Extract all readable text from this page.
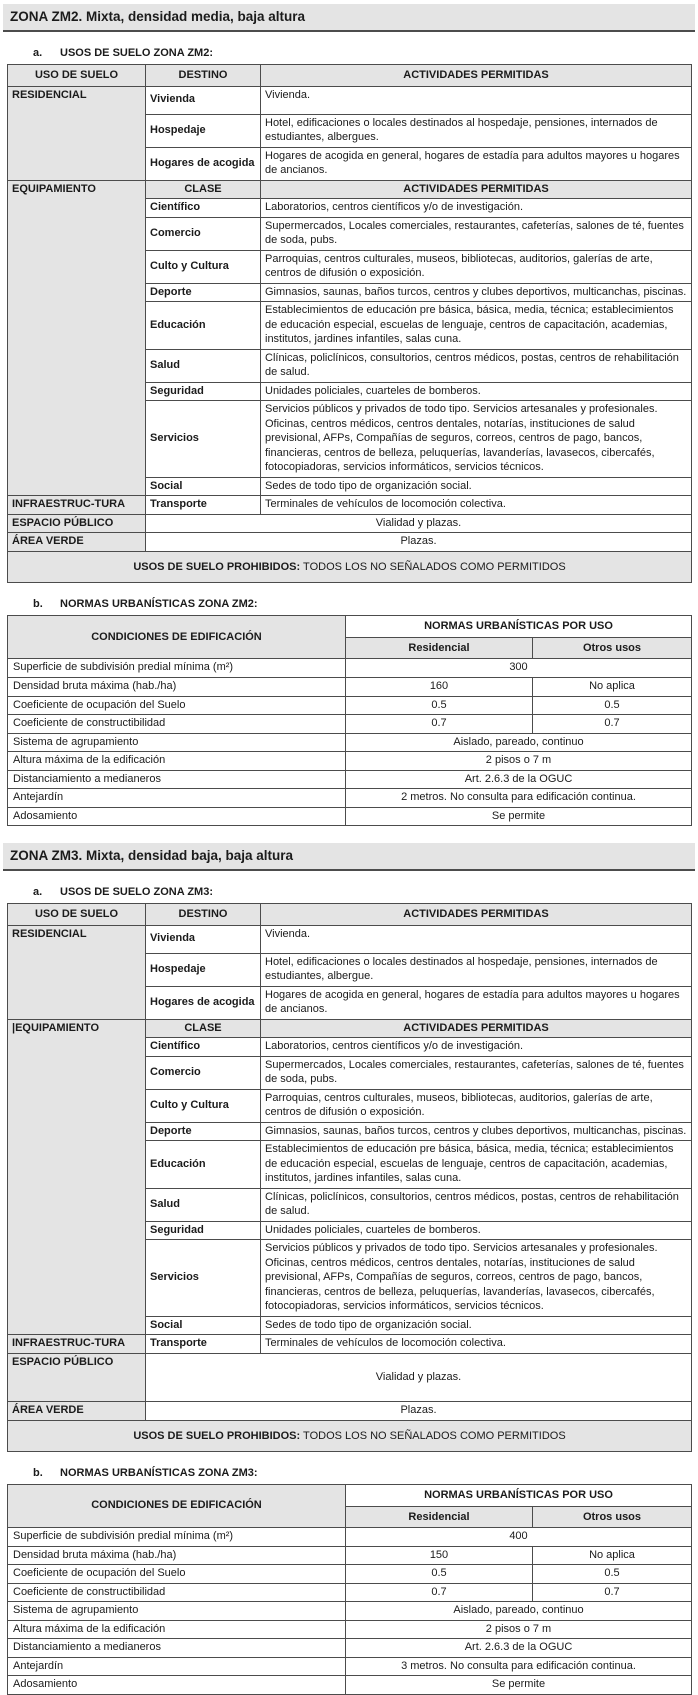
ZONA ZM2. Mixta, densidad media, baja altura
a. USOS DE SUELO ZONA ZM2:
USO DE SUELO	DESTINO	ACTIVIDADES PERMITIDAS
RESIDENCIAL	Vivienda	Vivienda.
	Hospedaje	Hotel, edificaciones o locales destinados al hospedaje, pensiones, internados de estudiantes, albergues.
	Hogares de acogida	Hogares de acogida en general, hogares de estadía para adultos mayores u hogares de ancianos.
EQUIPAMIENTO	CLASE	ACTIVIDADES PERMITIDAS
	Científico	Laboratorios, centros científicos y/o de investigación.
	Comercio	Supermercados, Locales comerciales, restaurantes, cafeterías, salones de té, fuentes de soda, pubs.
	Culto y Cultura	Parroquias, centros culturales, museos, bibliotecas, auditorios, galerías de arte, centros de difusión o exposición.
	Deporte	Gimnasios, saunas, baños turcos, centros y clubes deportivos, multicanchas, piscinas.
	Educación	Establecimientos de educación pre básica, básica, media, técnica; establecimientos de educación especial, escuelas de lenguaje, centros de capacitación, academias, institutos, jardines infantiles, salas cuna.
	Salud	Clínicas, policlínicos, consultorios, centros médicos, postas, centros de rehabilitación de salud.
	Seguridad	Unidades policiales, cuarteles de bomberos.
	Servicios	Servicios públicos y privados de todo tipo. Servicios artesanales y profesionales. Oficinas, centros médicos, centros dentales, notarías, instituciones de salud previsional, AFPs, Compañías de seguros, correos, centros de pago, bancos, financieras, centros de belleza, peluquerías, lavanderías, lavasecos, cibercafés, fotocopiadoras, servicios informáticos, servicios técnicos.
	Social	Sedes de todo tipo de organización social.
INFRAESTRUC-TURA	Transporte	Terminales de vehículos de locomoción colectiva.
ESPACIO PÚBLICO	Vialidad y plazas.	
ÁREA VERDE	Plazas.	
USOS DE SUELO PROHIBIDOS: TODOS LOS NO SEÑALADOS COMO PERMITIDOS		
b. NORMAS URBANÍSTICAS ZONA ZM2:
CONDICIONES DE EDIFICACIÓN	NORMAS URBANÍSTICAS POR USO	
	Residencial	Otros usos
Superficie de subdivisión predial mínima (m²)	300	
Densidad bruta máxima (hab./ha)	160	No aplica
Coeficiente de ocupación del Suelo	0.5	0.5
Coeficiente de constructibilidad	0.7	0.7
Sistema de agrupamiento	Aislado, pareado, continuo	
Altura máxima de la edificación	2 pisos o 7 m	
Distanciamiento a medianeros	Art. 2.6.3 de la OGUC	
Antejardín	2 metros. No consulta para edificación continua.	
Adosamiento	Se permite	
ZONA ZM3. Mixta, densidad baja, baja altura
a. USOS DE SUELO ZONA ZM3:
USO DE SUELO	DESTINO	ACTIVIDADES PERMITIDAS
RESIDENCIAL	Vivienda	Vivienda.
	Hospedaje	Hotel, edificaciones o locales destinados al hospedaje, pensiones, internados de estudiantes, albergue.
	Hogares de acogida	Hogares de acogida en general, hogares de estadía para adultos mayores u hogares de ancianos.
|EQUIPAMIENTO	CLASE	ACTIVIDADES PERMITIDAS
	Científico	Laboratorios, centros científicos y/o de investigación.
	Comercio	Supermercados, Locales comerciales, restaurantes, cafeterías, salones de té, fuentes de soda, pubs.
	Culto y Cultura	Parroquias, centros culturales, museos, bibliotecas, auditorios, galerías de arte, centros de difusión o exposición.
	Deporte	Gimnasios, saunas, baños turcos, centros y clubes deportivos, multicanchas, piscinas.
	Educación	Establecimientos de educación pre básica, básica, media, técnica; establecimientos de educación especial, escuelas de lenguaje, centros de capacitación, academias, institutos, jardines infantiles, salas cuna.
	Salud	Clínicas, policlínicos, consultorios, centros médicos, postas, centros de rehabilitación de salud.
	Seguridad	Unidades policiales, cuarteles de bomberos.
	Servicios	Servicios públicos y privados de todo tipo. Servicios artesanales y profesionales. Oficinas, centros médicos, centros dentales, notarías, instituciones de salud previsional, AFPs, Compañías de seguros, correos, centros de pago, bancos, financieras, centros de belleza, peluquerías, lavanderías, lavasecos, cibercafés, fotocopiadoras, servicios informáticos, servicios técnicos.
	Social	Sedes de todo tipo de organización social.
INFRAESTRUC-TURA	Transporte	Terminales de vehículos de locomoción colectiva.
ESPACIO PÚBLICO	Vialidad y plazas.	
ÁREA VERDE	Plazas.	
USOS DE SUELO PROHIBIDOS: TODOS LOS NO SEÑALADOS COMO PERMITIDOS		
b. NORMAS URBANÍSTICAS ZONA ZM3:
CONDICIONES DE EDIFICACIÓN	NORMAS URBANÍSTICAS POR USO	
	Residencial	Otros usos
Superficie de subdivisión predial mínima (m²)	400	
Densidad bruta máxima (hab./ha)	150	No aplica
Coeficiente de ocupación del Suelo	0.5	0.5
Coeficiente de constructibilidad	0.7	0.7
Sistema de agrupamiento	Aislado, pareado, continuo	
Altura máxima de la edificación	2 pisos o 7 m	
Distanciamiento a medianeros	Art. 2.6.3 de la OGUC	
Antejardín	3 metros. No consulta para edificación continua.	
Adosamiento	Se permite	
